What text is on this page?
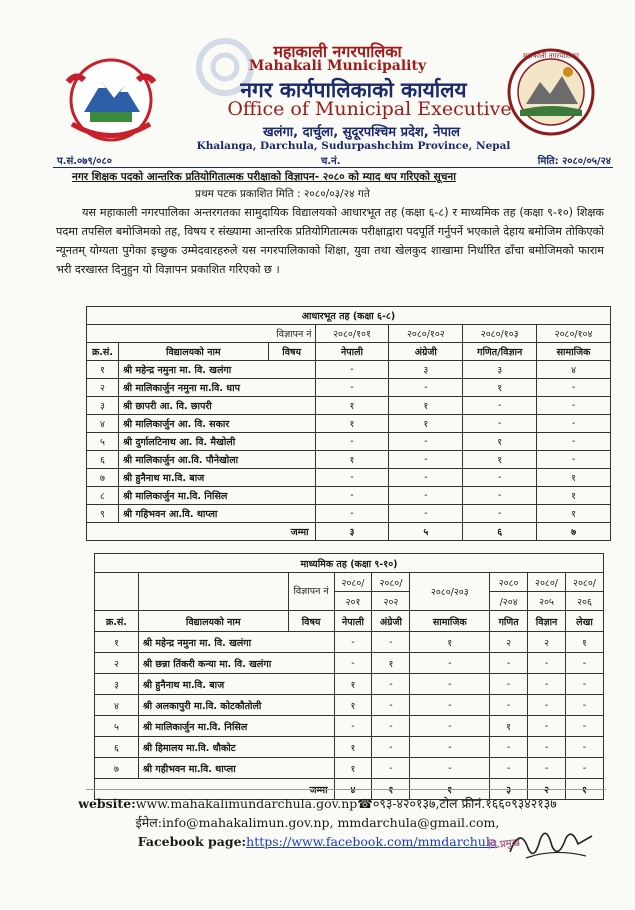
महाकाली नगरपालिका
महाकाली नगरपालिका
Mahakali Municipality
नगर कार्यपालिकाको कार्यालय
Office of Municipal Executive
खलंगा, दार्चुला, सुदूरपश्चिम प्रदेश, नेपाल
Khalanga, Darchula, Sudurpashchim Province, Nepal
प.सं.०७९/०८०	च.नं.	मिति: २०८०/०५/२४
नगर शिक्षक पदको आन्तरिक प्रतियोगितात्मक परीक्षाको विज्ञापन- २०८० को म्याद थप गरिएको सूचना
प्रथम पटक प्रकाशित मिति : २०८०/०३/२४ गते
यस महाकाली नगरपालिका अन्तरगतका सामुदायिक विद्यालयको आधारभूत तह (कक्षा ६-८) र माध्यमिक तह (कक्षा ९-१०) शिक्षक पदमा तपसिल बमोजिमको तह, विषय र संख्यामा आन्तरिक प्रतियोगितात्मक परीक्षाद्वारा पदपूर्ति गर्नुपर्ने भएकाले देहाय बमोजिम तोकिएको न्यूनतम् योग्यता पुगेका इच्छुक उम्मेदवारहरुले यस नगरपालिकाको शिक्षा, युवा तथा खेलकुद शाखामा निर्धारित ढाँचा बमोजिमको फाराम भरी दरखास्त दिनुहुन यो विज्ञापन प्रकाशित गरिएको छ ।
आधारभूत तह (कक्षा ६-८)						
विज्ञापन नं			२०८०/१०१	२०८०/१०२	२०८०/१०३	२०८०/१०४
क्र.सं.	विद्यालयको नाम	विषय	नेपाली	अंग्रेजी	गणित/विज्ञान	सामाजिक
१	श्री महेन्द्र नमुना मा. वि. खलंगा		-	३	३	४
२	श्री मालिकार्जुन नमुना मा.वि. धाप		-	-	१	-
३	श्री छापरी आ. वि. छापरी		१	१	-	-
४	श्री मालिकार्जुन आ. वि. सकार		१	१	-	-
५	श्री दुर्गालटिनाथ आ. वि. मैखोली		-	-	१	-
६	श्री मालिकार्जुन आ.वि. पौनेखोला		१	-	१	-
७	श्री हुनैनाथ मा.वि. बाज		-	-	-	१
८	श्री मालिकार्जुन मा.वि. निसिल		-	-	-	१
९	श्री गहिभवन आ.वि. थाप्ला		-	-	-	१
जम्मा			३	५	६	७
माध्यमिक तह (कक्षा ९-१०)								
		विज्ञापन नं	२०८०/	२०८०/	२०८०/२०३	२०८०	२०८०/	२०८०/
			२०१	२०२		/२०४	२०५	२०६
क्र.सं.	विद्यालयको नाम	विषय	नेपाली	अंग्रेजी	सामाजिक	गणित	विज्ञान	लेखा
१	श्री महेन्द्र नमुना मा. वि. खलंगा		-	-	१	२	२	१
२	श्री छन्ना तिंकरी कन्या मा. वि. खलंगा		-	१	-	-	-	-
३	श्री हुनैनाथ मा.वि. बाज		१	-	-	-	-	-
४	श्री अलकापुरी मा.वि. कोटकौतोली		१	-	-	-	-	-
५	श्री मालिकार्जुन मा.वि. निसिल		-	-	-	१	-	-
६	श्री हिमालय मा.वि. धौकोट		१	-	-	-	-	-
७	श्री गहीभवन मा.वि. थाप्ला		१	-	-	-	-	-
जम्मा			४	१	१	३	२	१
website:www.mahakalimundarchula.gov.np☎०९३-४२०१३७,टोल फ्रीनं.१६६०९३४२१३७
ईमेल:info@mahakalimun.gov.np, mmdarchula@gmail.com,
Facebook page:https://www.facebook.com/mmdarchula
नि.प्रमुख
